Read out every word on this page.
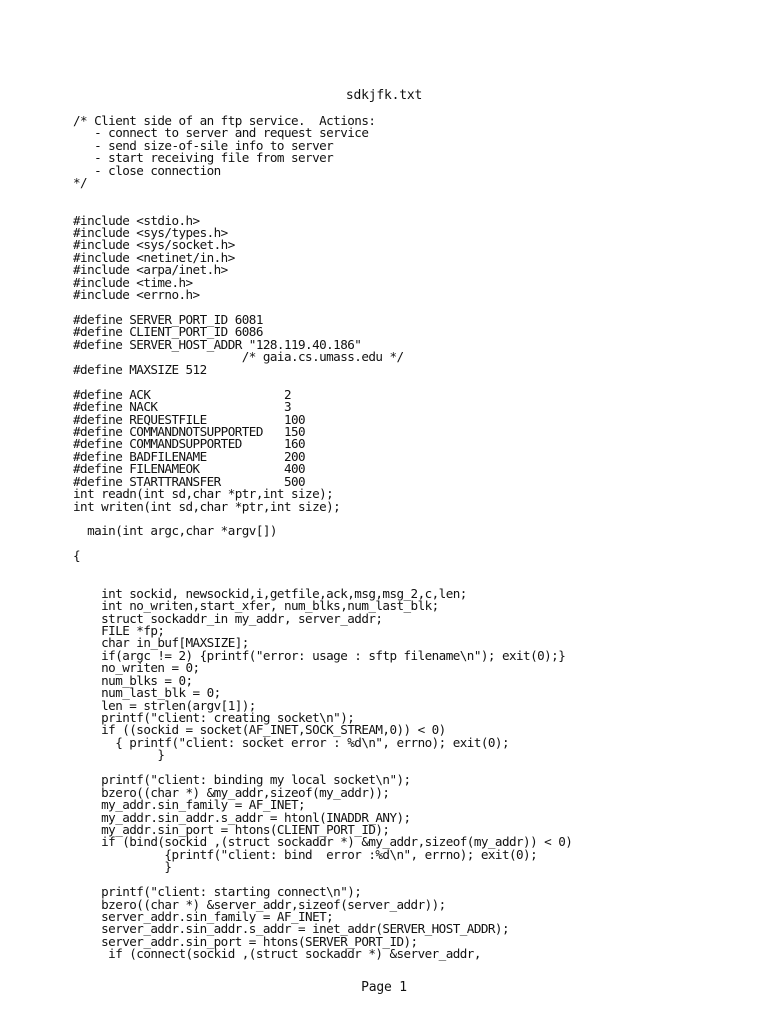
sdkjfk.txt
/* Client side of an ftp service.  Actions:
- connect to server and request service
- send size-of-sile info to server
- start receiving file from server
- close connection
*/
#include <stdio.h>
#include <sys/types.h>
#include <sys/socket.h>
#include <netinet/in.h>
#include <arpa/inet.h>
#include <time.h>
#include <errno.h>
#define SERVER_PORT_ID 6081
#define CLIENT_PORT_ID 6086
#define SERVER_HOST_ADDR "128.119.40.186"
/* gaia.cs.umass.edu */
#define MAXSIZE 512
#define ACK                   2
#define NACK                  3
#define REQUESTFILE           100
#define COMMANDNOTSUPPORTED   150
#define COMMANDSUPPORTED      160
#define BADFILENAME           200
#define FILENAMEOK            400
#define STARTTRANSFER         500
int readn(int sd,char *ptr,int size);
int writen(int sd,char *ptr,int size);
main(int argc,char *argv[])
{
int sockid, newsockid,i,getfile,ack,msg,msg_2,c,len;
int no_writen,start_xfer, num_blks,num_last_blk;
struct sockaddr_in my_addr, server_addr;
FILE *fp;
char in_buf[MAXSIZE];
if(argc != 2) {printf("error: usage : sftp filename\n"); exit(0);}
no_writen = 0;
num_blks = 0;
num_last_blk = 0;
len = strlen(argv[1]);
printf("client: creating socket\n");
if ((sockid = socket(AF_INET,SOCK_STREAM,0)) < 0)
{ printf("client: socket error : %d\n", errno); exit(0);
}
printf("client: binding my local socket\n");
bzero((char *) &my_addr,sizeof(my_addr));
my_addr.sin_family = AF_INET;
my_addr.sin_addr.s_addr = htonl(INADDR_ANY);
my_addr.sin_port = htons(CLIENT_PORT_ID);
if (bind(sockid ,(struct sockaddr *) &my_addr,sizeof(my_addr)) < 0)
{printf("client: bind  error :%d\n", errno); exit(0);
}
printf("client: starting connect\n");
bzero((char *) &server_addr,sizeof(server_addr));
server_addr.sin_family = AF_INET;
server_addr.sin_addr.s_addr = inet_addr(SERVER_HOST_ADDR);
server_addr.sin_port = htons(SERVER_PORT_ID);
if (connect(sockid ,(struct sockaddr *) &server_addr,
Page 1
